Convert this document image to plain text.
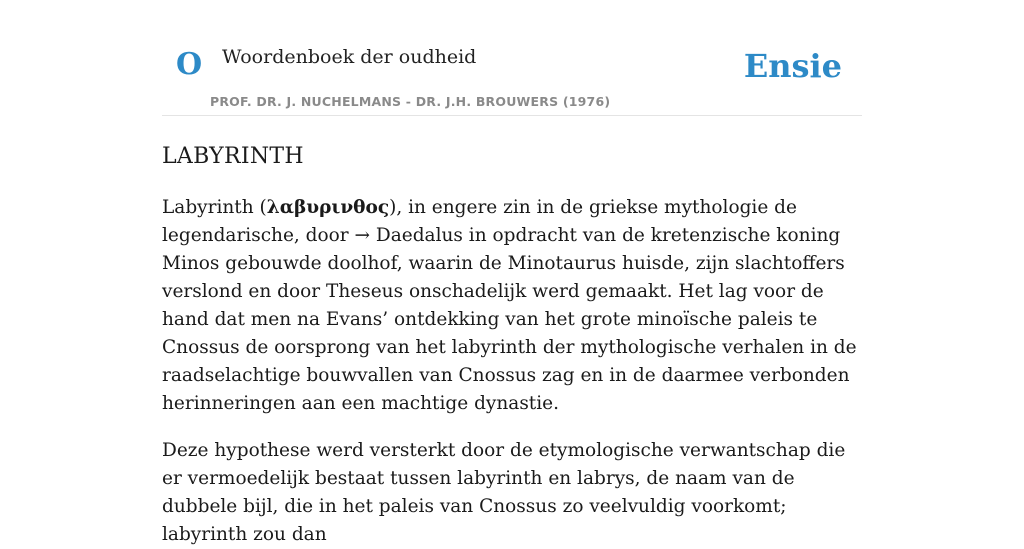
O Woordenboek der oudheid
PROF. DR. J. NUCHELMANS - DR. J.H. BROUWERS (1976)
Ensie
LABYRINTH

Labyrinth (λαβυρινθος), in engere zin in de griekse mythologie de legendarische, door → Daedalus in opdracht van de kretenzische koning Minos gebouwde doolhof, waarin de Minotaurus huisde, zijn slachtoffers verslond en door Theseus onschadelijk werd gemaakt. Het lag voor de hand dat men na Evans’ ontdekking van het grote minoïsche paleis te Cnossus de oorsprong van het labyrinth der mythologische verhalen in de raadselachtige bouwvallen van Cnossus zag en in de daarmee verbonden herinneringen aan een machtige dynastie.

Deze hypothese werd versterkt door de etymologische verwantschap die er vermoedelijk bestaat tussen labyrinth en labrys, de naam van de dubbele bijl, die in het paleis van Cnossus zo veelvuldig voorkomt; labyrinth zou dan
